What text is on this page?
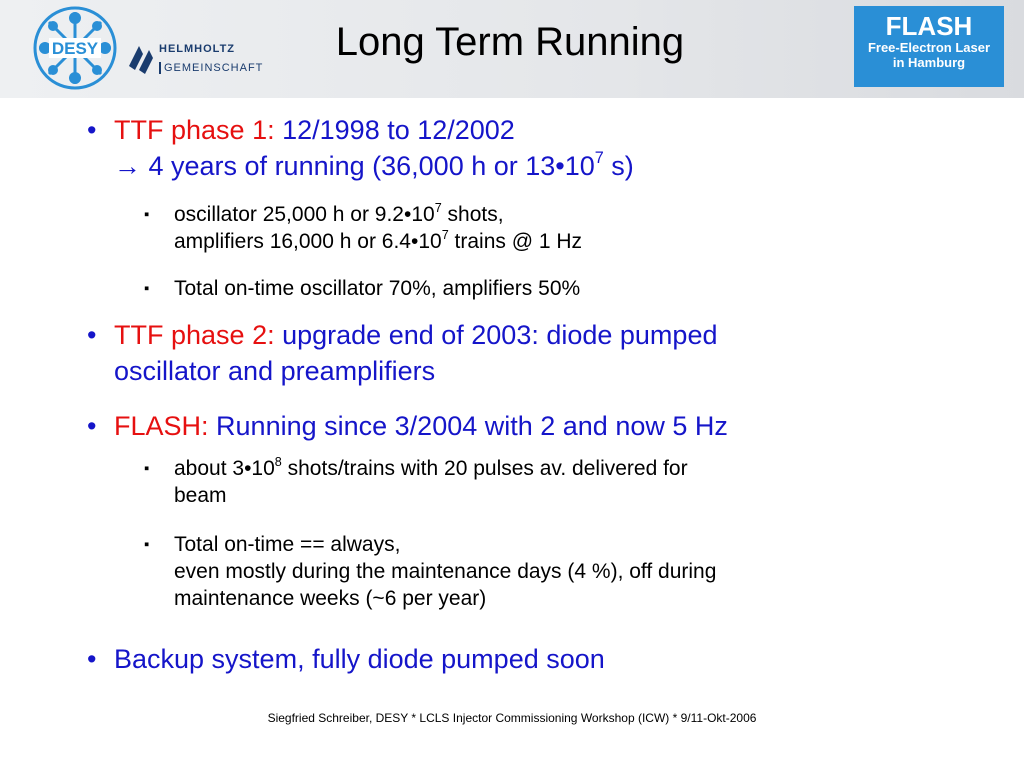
DESY	HELMHOLTZ
GEMEINSCHAFT
Long Term Running	FLASH
Free-Electron Laser
in Hamburg
• TTF phase 1: 12/1998 to 12/2002
→ 4 years of running (36,000 h or $13•10^7$ s)
▪ oscillator 25,000 h or $9.2•10^7$ shots,
amplifiers 16,000 h or $6.4•10^7$ trains @ 1 Hz
▪ Total on-time oscillator 70%, amplifiers 50%
• TTF phase 2: upgrade end of 2003: diode pumped
oscillator and preamplifiers
• FLASH: Running since 3/2004 with 2 and now 5 Hz
▪ about $3•10^8$ shots/trains with 20 pulses av. delivered for
beam
▪ Total on-time == always,
even mostly during the maintenance days (4 %), off during
maintenance weeks (~6 per year)
• Backup system, fully diode pumped soon
Siegfried Schreiber, DESY * LCLS Injector Commissioning Workshop (ICW) * 9/11-Okt-2006
